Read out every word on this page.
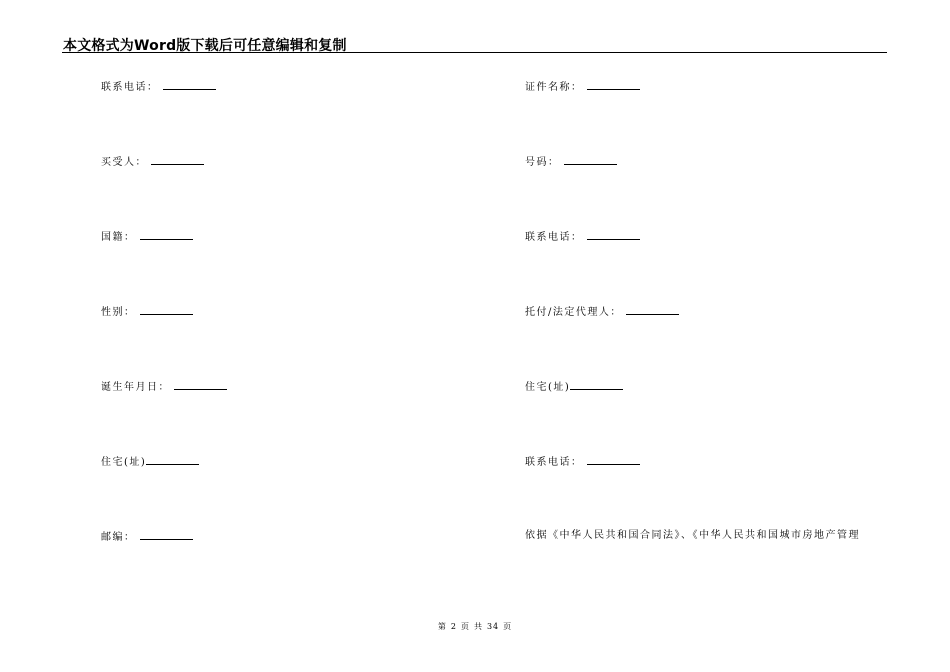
本文格式为Word版下载后可任意编辑和复制
联系电话：
买受人：
国籍：
性别：
诞生年月日：
住宅(址)
邮编：
证件名称：
号码：
联系电话：
托付/法定代理人：
住宅(址)
联系电话：
依据《中华人民共和国合同法》、《中华人民共和国城市房地产管理
第 2 页 共 34 页
